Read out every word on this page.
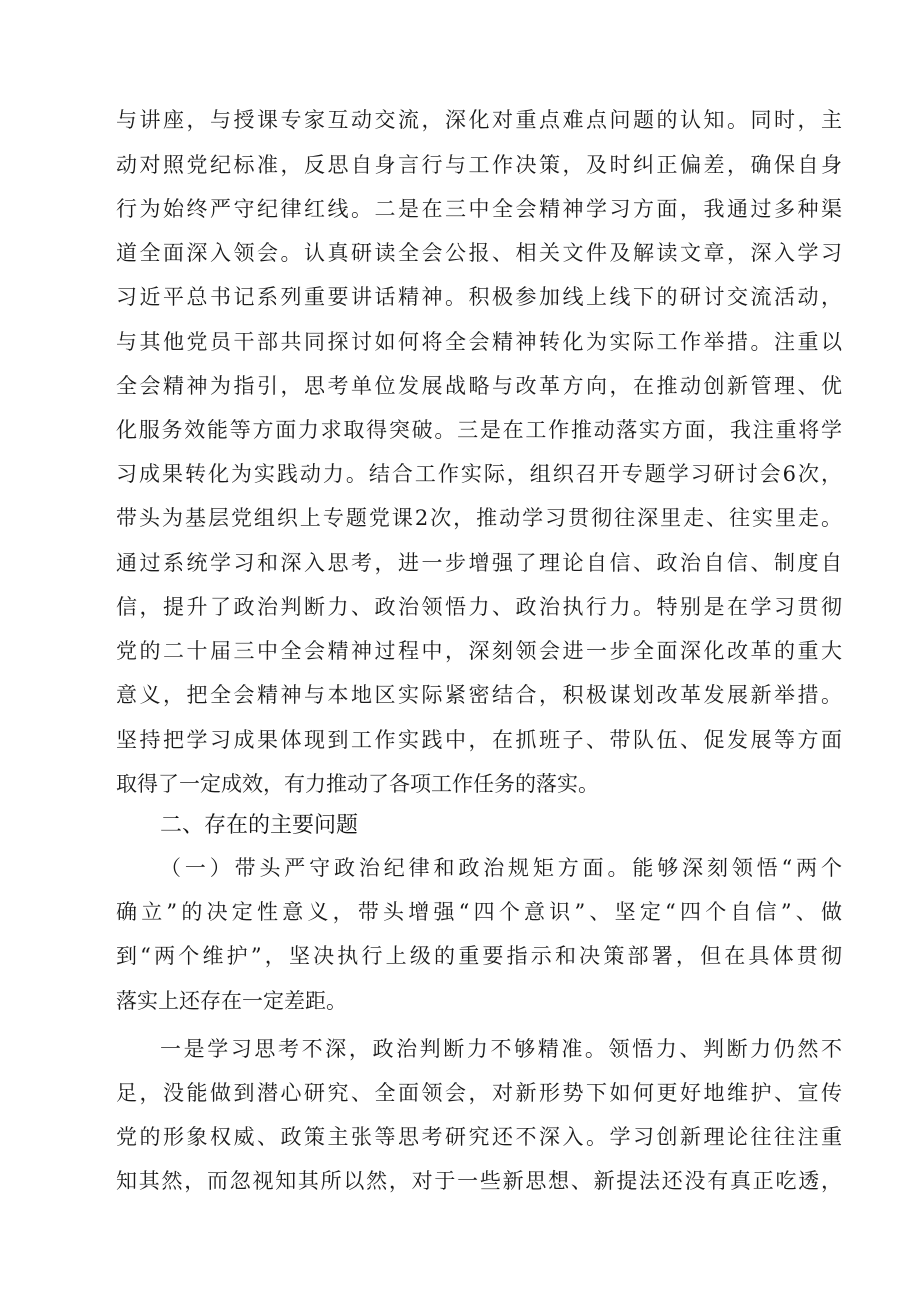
与讲座，与授课专家互动交流，深化对重点难点问题的认知。同时，主
动对照党纪标准，反思自身言行与工作决策，及时纠正偏差，确保自身
行为始终严守纪律红线。二是在三中全会精神学习方面，我通过多种渠
道全面深入领会。认真研读全会公报、相关文件及解读文章，深入学习
习近平总书记系列重要讲话精神。积极参加线上线下的研讨交流活动，
与其他党员干部共同探讨如何将全会精神转化为实际工作举措。注重以
全会精神为指引，思考单位发展战略与改革方向，在推动创新管理、优
化服务效能等方面力求取得突破。三是在工作推动落实方面，我注重将学
习成果转化为实践动力。结合工作实际，组织召开专题学习研讨会6次，
带头为基层党组织上专题党课2次，推动学习贯彻往深里走、往实里走。
通过系统学习和深入思考，进一步增强了理论自信、政治自信、制度自
信，提升了政治判断力、政治领悟力、政治执行力。特别是在学习贯彻
党的二十届三中全会精神过程中，深刻领会进一步全面深化改革的重大
意义，把全会精神与本地区实际紧密结合，积极谋划改革发展新举措。
坚持把学习成果体现到工作实践中，在抓班子、带队伍、促发展等方面
取得了一定成效，有力推动了各项工作任务的落实。
二、存在的主要问题
（一）带头严守政治纪律和政治规矩方面。能够深刻领悟“两个
确立”的决定性意义，带头增强“四个意识”、坚定“四个自信”、做
到“两个维护”，坚决执行上级的重要指示和决策部署，但在具体贯彻
落实上还存在一定差距。
一是学习思考不深，政治判断力不够精准。领悟力、判断力仍然不
足，没能做到潜心研究、全面领会，对新形势下如何更好地维护、宣传
党的形象权威、政策主张等思考研究还不深入。学习创新理论往往注重
知其然，而忽视知其所以然，对于一些新思想、新提法还没有真正吃透，
